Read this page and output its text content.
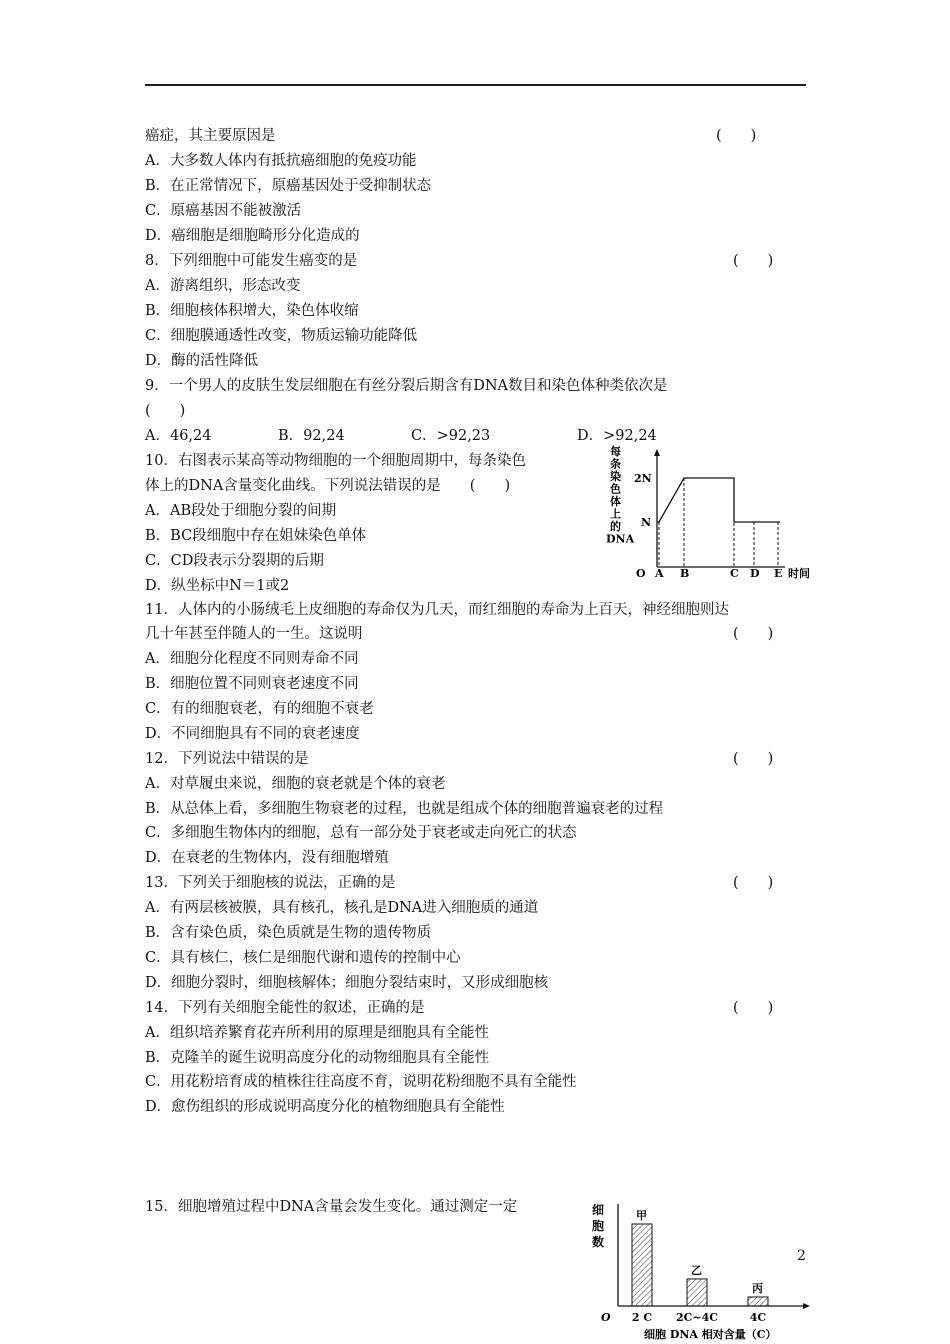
癌症，其主要原因是
A．大多数人体内有抵抗癌细胞的免疫功能
B．在正常情况下，原癌基因处于受抑制状态
C．原癌基因不能被激活
D．癌细胞是细胞畸形分化造成的
8．下列细胞中可能发生癌变的是
A．游离组织，形态改变
B．细胞核体积增大，染色体收缩
C．细胞膜通透性改变，物质运输功能降低
D．酶的活性降低
9．一个男人的皮肤生发层细胞在有丝分裂后期含有DNA数目和染色体种类依次是
(　　)
10．右图表示某高等动物细胞的一个细胞周期中，每条染色
体上的DNA含量变化曲线。下列说法错误的是　　(　　)
A．AB段处于细胞分裂的间期
B．BC段细胞中存在姐妹染色单体
C．CD段表示分裂期的后期
D．纵坐标中N＝1或2
11．人体内的小肠绒毛上皮细胞的寿命仅为几天，而红细胞的寿命为上百天，神经细胞则达
几十年甚至伴随人的一生。这说明
A．细胞分化程度不同则寿命不同
B．细胞位置不同则衰老速度不同
C．有的细胞衰老，有的细胞不衰老
D．不同细胞具有不同的衰老速度
12．下列说法中错误的是
A．对草履虫来说，细胞的衰老就是个体的衰老
B．从总体上看，多细胞生物衰老的过程，也就是组成个体的细胞普遍衰老的过程
C．多细胞生物体内的细胞，总有一部分处于衰老或走向死亡的状态
D．在衰老的生物体内，没有细胞增殖
13．下列关于细胞核的说法，正确的是
A．有两层核被膜，具有核孔，核孔是DNA进入细胞质的通道
B．含有染色质，染色质就是生物的遗传物质
C．具有核仁，核仁是细胞代谢和遗传的控制中心
D．细胞分裂时，细胞核解体；细胞分裂结束时，又形成细胞核
14．下列有关细胞全能性的叙述，正确的是
A．组织培养繁育花卉所利用的原理是细胞具有全能性
B．克隆羊的诞生说明高度分化的动物细胞具有全能性
C．用花粉培育成的植株往往高度不育，说明花粉细胞不具有全能性
D．愈伤组织的形成说明高度分化的植物细胞具有全能性
A．46,24	B．92,24	C．>92,23	D．>92,24
(　　)
(　　)
(　　)
(　　)
(　　)
(　　)
15．细胞增殖过程中DNA含量会发生变化。通过测定一定
2
每
条
染
色
体
上
的
DNA
2N
N
O A B	C D E 时间
细
胞
数
O
甲
2 C
乙
2C~4C
丙
4C
细胞 DNA 相对含量（C）
